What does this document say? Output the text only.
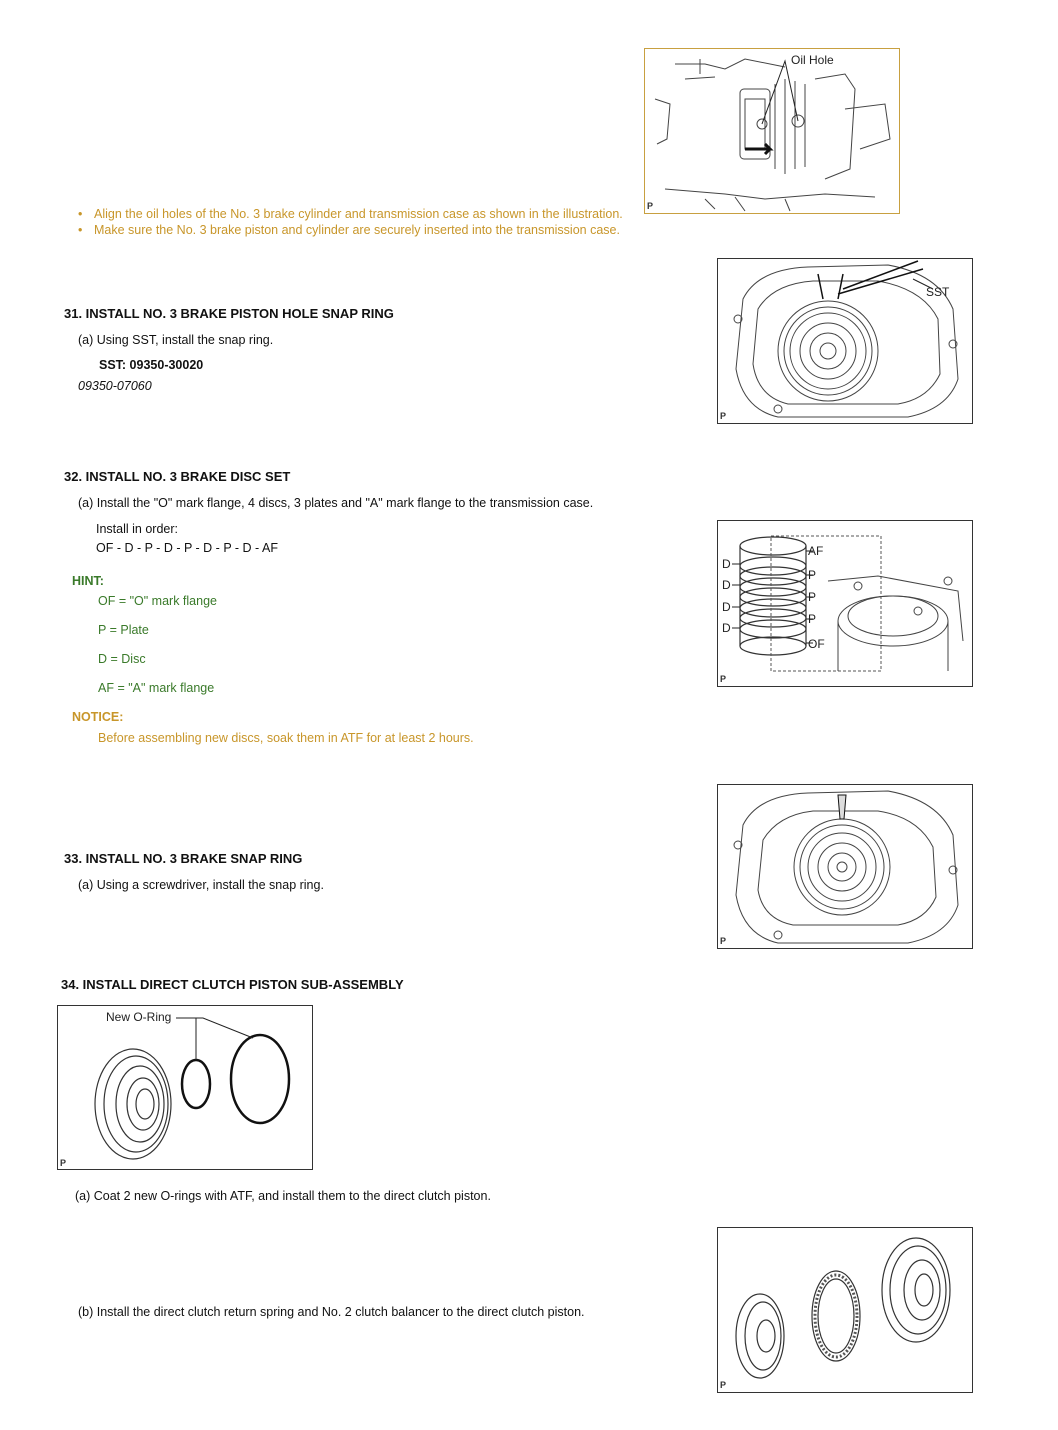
Oil Hole
P
• Align the oil holes of the No. 3 brake cylinder and transmission case as shown in the illustration.
• Make sure the No. 3 brake piston and cylinder are securely inserted into the transmission case.
31. INSTALL NO. 3 BRAKE PISTON HOLE SNAP RING
(a) Using SST, install the snap ring.
SST: 09350-30020
09350-07060
SST
P
32. INSTALL NO. 3 BRAKE DISC SET
(a) Install the "O" mark flange, 4 discs, 3 plates and "A" mark flange to the transmission case.
Install in order:
OF - D - P - D - P - D - P - D - AF
HINT:
OF = "O" mark flange
P = Plate
D = Disc
AF = "A" mark flange
NOTICE:
Before assembling new discs, soak them in ATF for at least 2 hours.
D
D
D
D
AF
P
P
P
OF
P
P
33. INSTALL NO. 3 BRAKE SNAP RING
(a) Using a screwdriver, install the snap ring.
34. INSTALL DIRECT CLUTCH PISTON SUB-ASSEMBLY
New O-Ring
P
(a) Coat 2 new O-rings with ATF, and install them to the direct clutch piston.
(b) Install the direct clutch return spring and No. 2 clutch balancer to the direct clutch piston.
P
